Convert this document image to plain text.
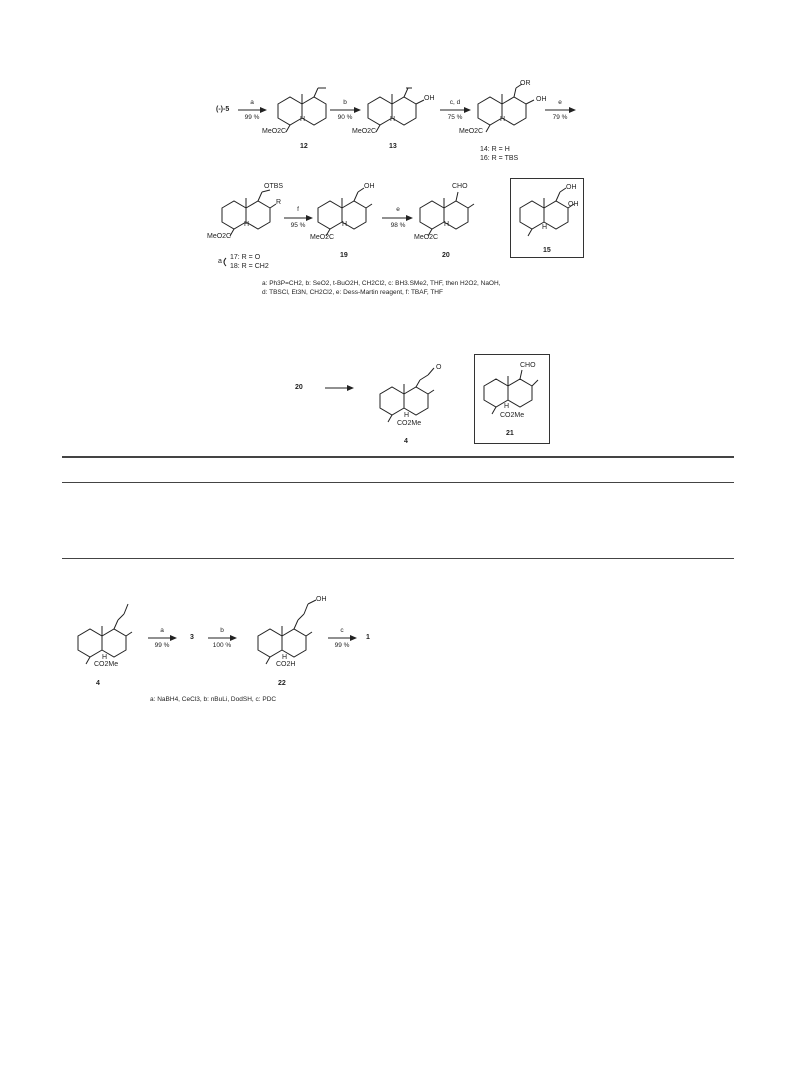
(-)-5
a
99 %
MeO2C
H
12
b
90 %
OH
MeO2C
H
13
c, d
75 %
OR
OH
MeO2C
H
14: R = H
16: R = TBS
e
79 %
OTBS
R
MeO2C
H
a
17: R = O
18: R = CH2
f
95 %
OH
MeO2C
H
19
e
98 %
CHO
MeO2C
H
20
OH
OH
H
15
a: Ph3P=CH2, b: SeO2, t-BuO2H, CH2Cl2, c: BH3.SMe2, THF, then H2O2, NaOH,
d: TBSCl, Et3N, CH2Cl2, e: Dess-Martin reagent, f: TBAF, THF
20
O
H
CO2Me
4
CHO
H
CO2Me
21
H
CO2Me
4
a
99 %
3
b
100 %
OH
H
CO2H
22
c
99 %
1
a: NaBH4, CeCl3, b: nBuLi, DodSH, c: PDC
